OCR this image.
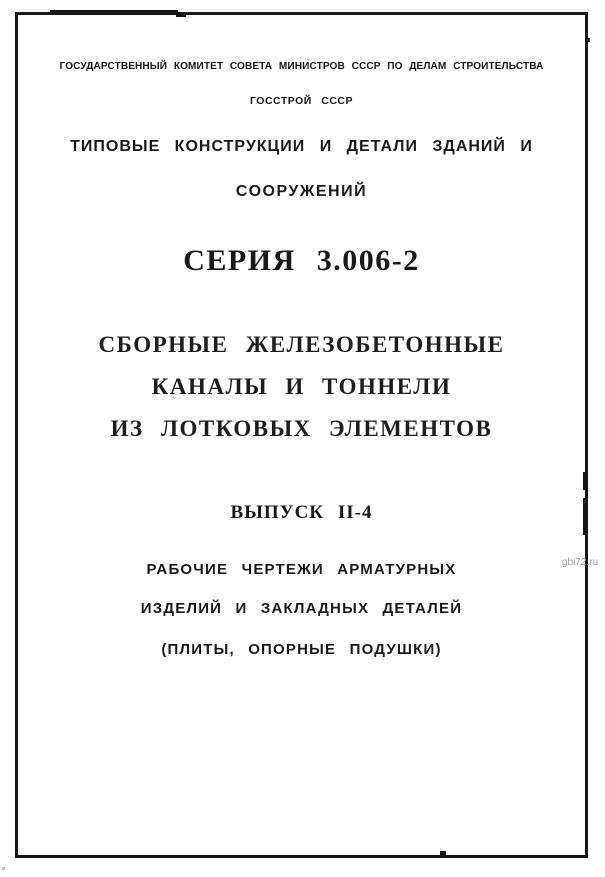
ГОСУДАРСТВЕННЫЙ КОМИТЕТ СОВЕТА МИНИСТРОВ СССР ПО ДЕЛАМ СТРОИТЕЛЬСТВА
ГОССТРОЙ СССР
ТИПОВЫЕ КОНСТРУКЦИИ И ДЕТАЛИ ЗДАНИЙ И
СООРУЖЕНИЙ
СЕРИЯ 3.006-2
СБОРНЫЕ ЖЕЛЕЗОБЕТОННЫЕ
КАНАЛЫ И ТОННЕЛИ
ИЗ ЛОТКОВЫХ ЭЛЕМЕНТОВ
ВЫПУСК II-4
РАБОЧИЕ ЧЕРТЕЖИ АРМАТУРНЫХ
ИЗДЕЛИЙ И ЗАКЛАДНЫХ ДЕТАЛЕЙ
(ПЛИТЫ, ОПОРНЫЕ ПОДУШКИ)
gbi72.ru
